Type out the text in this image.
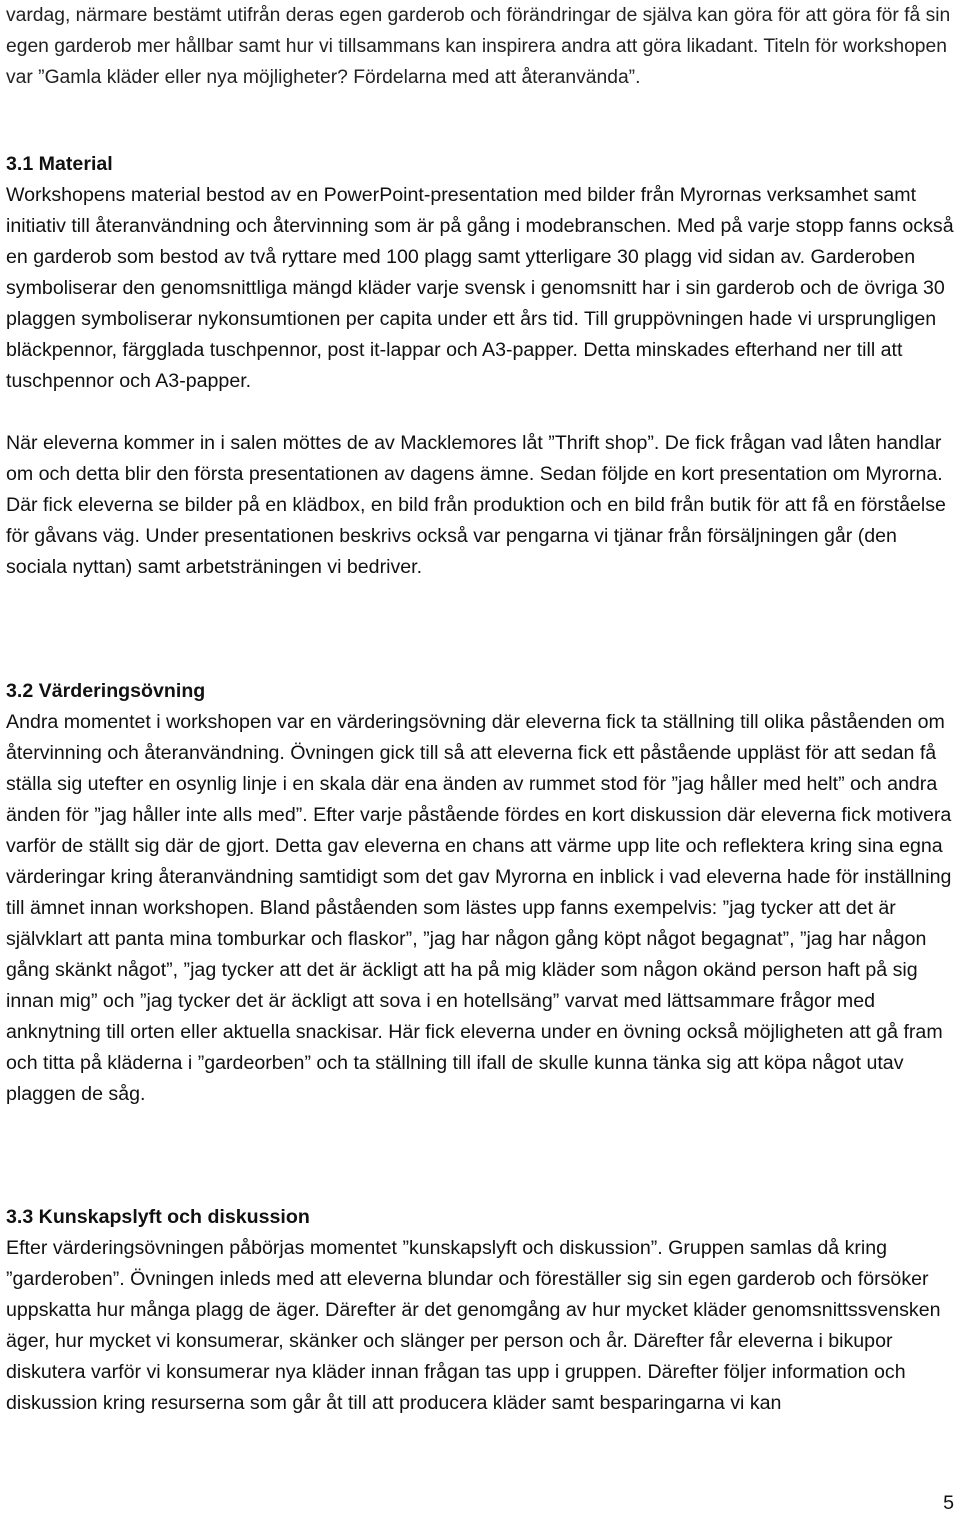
vardag, närmare bestämt utifrån deras egen garderob och förändringar de själva kan göra för att göra för få sin egen garderob mer hållbar samt hur vi tillsammans kan inspirera andra att göra likadant. Titeln för workshopen var ”Gamla kläder eller nya möjligheter? Fördelarna med att återanvända”.

3.1 Material

Workshopens material bestod av en PowerPoint-presentation med bilder från Myrornas verksamhet samt initiativ till återanvändning och återvinning som är på gång i modebranschen. Med på varje stopp fanns också en garderob som bestod av två ryttare med 100 plagg samt ytterligare 30 plagg vid sidan av. Garderoben symboliserar den genomsnittliga mängd kläder varje svensk i genomsnitt har i sin garderob och de övriga 30 plaggen symboliserar nykonsumtionen per capita under ett års tid. Till gruppövningen hade vi ursprungligen bläckpennor, färgglada tuschpennor, post it-lappar och A3-papper. Detta minskades efterhand ner till att tuschpennor och A3-papper.

När eleverna kommer in i salen möttes de av Macklemores låt ”Thrift shop”. De fick frågan vad låten handlar om och detta blir den första presentationen av dagens ämne. Sedan följde en kort presentation om Myrorna. Där fick eleverna se bilder på en klädbox, en bild från produktion och en bild från butik för att få en förståelse för gåvans väg. Under presentationen beskrivs också var pengarna vi tjänar från försäljningen går (den sociala nyttan) samt arbetsträningen vi bedriver.

3.2 Värderingsövning

Andra momentet i workshopen var en värderingsövning där eleverna fick ta ställning till olika påståenden om återvinning och återanvändning. Övningen gick till så att eleverna fick ett påstående uppläst för att sedan få ställa sig utefter en osynlig linje i en skala där ena änden av rummet stod för ”jag håller med helt” och andra änden för ”jag håller inte alls med”. Efter varje påstående fördes en kort diskussion där eleverna fick motivera varför de ställt sig där de gjort. Detta gav eleverna en chans att värme upp lite och reflektera kring sina egna värderingar kring återanvändning samtidigt som det gav Myrorna en inblick i vad eleverna hade för inställning till ämnet innan workshopen. Bland påståenden som lästes upp fanns exempelvis: ”jag tycker att det är självklart att panta mina tomburkar och flaskor”, ”jag har någon gång köpt något begagnat”, ”jag har någon gång skänkt något”, ”jag tycker att det är äckligt att ha på mig kläder som någon okänd person haft på sig innan mig” och ”jag tycker det är äckligt att sova i en hotellsäng” varvat med lättsammare frågor med anknytning till orten eller aktuella snackisar. Här fick eleverna under en övning också möjligheten att gå fram och titta på kläderna i ”gardeorben” och ta ställning till ifall de skulle kunna tänka sig att köpa något utav plaggen de såg.

3.3 Kunskapslyft och diskussion

Efter värderingsövningen påbörjas momentet ”kunskapslyft och diskussion”. Gruppen samlas då kring ”garderoben”. Övningen inleds med att eleverna blundar och föreställer sig sin egen garderob och försöker uppskatta hur många plagg de äger. Därefter är det genomgång av hur mycket kläder genomsnittssvensken äger, hur mycket vi konsumerar, skänker och slänger per person och år. Därefter får eleverna i bikupor diskutera varför vi konsumerar nya kläder innan frågan tas upp i gruppen. Därefter följer information och diskussion kring resurserna som går åt till att producera kläder samt besparingarna vi kan

5
